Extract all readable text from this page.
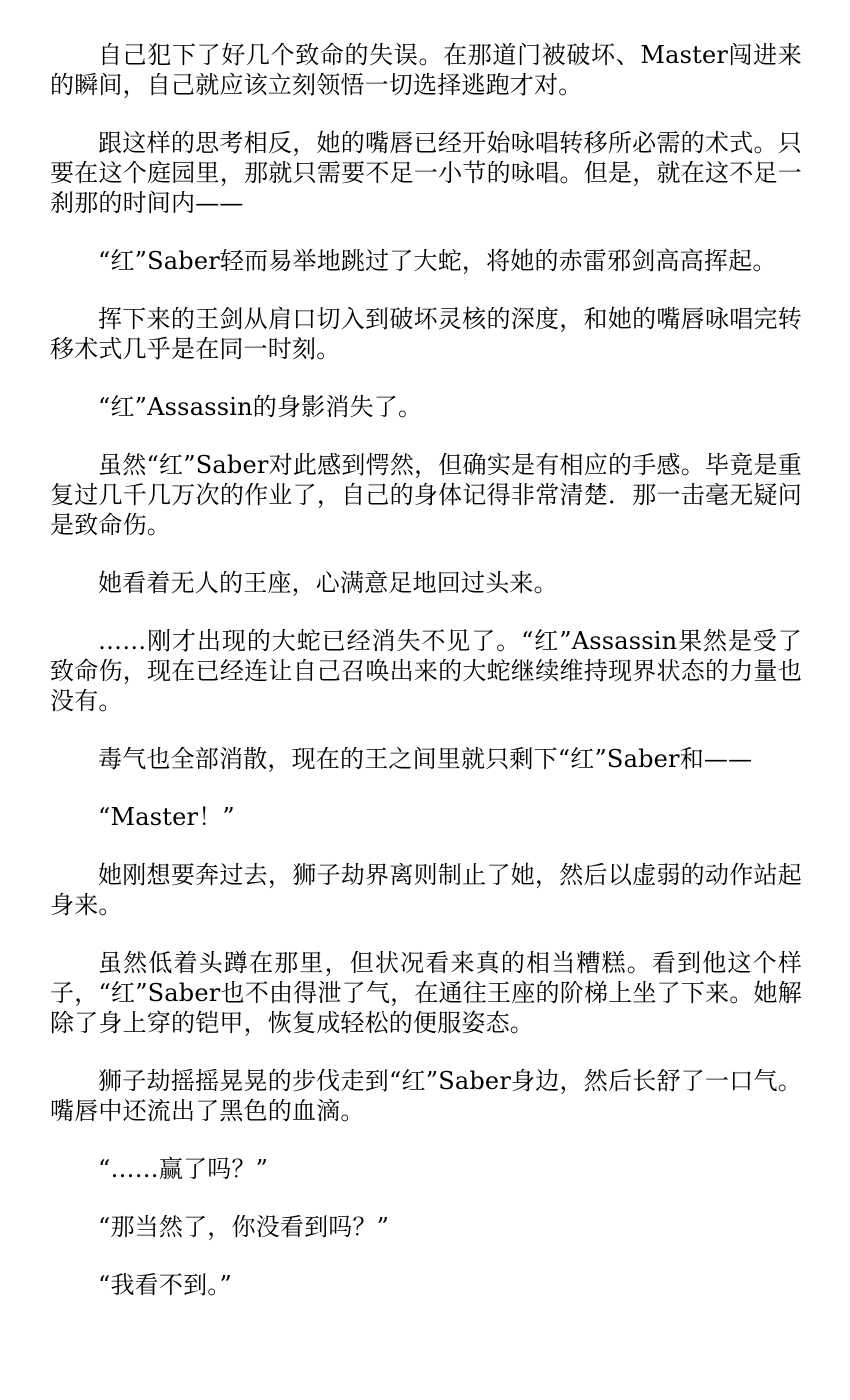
自己犯下了好几个致命的失误。在那道门被破坏、Master闯进来的瞬间，自己就应该立刻领悟一切选择逃跑才对。

跟这样的思考相反，她的嘴唇已经开始咏唱转移所必需的术式。只要在这个庭园里，那就只需要不足一小节的咏唱。但是，就在这不足一刹那的时间内——

“红”Saber轻而易举地跳过了大蛇，将她的赤雷邪剑高高挥起。

挥下来的王剑从肩口切入到破坏灵核的深度，和她的嘴唇咏唱完转移术式几乎是在同一时刻。

“红”Assassin的身影消失了。

虽然“红”Saber对此感到愕然，但确实是有相应的手感。毕竟是重复过几千几万次的作业了，自己的身体记得非常清楚．那一击毫无疑问是致命伤。

她看着无人的王座，心满意足地回过头来。

……刚才出现的大蛇已经消失不见了。“红”Assassin果然是受了致命伤，现在已经连让自己召唤出来的大蛇继续维持现界状态的力量也没有。

毒气也全部消散，现在的王之间里就只剩下“红”Saber和——

“Master！”

她刚想要奔过去，狮子劫界离则制止了她，然后以虚弱的动作站起身来。

虽然低着头蹲在那里，但状况看来真的相当糟糕。看到他这个样子，“红”Saber也不由得泄了气，在通往王座的阶梯上坐了下来。她解除了身上穿的铠甲，恢复成轻松的便服姿态。

狮子劫摇摇晃晃的步伐走到“红”Saber身边，然后长舒了一口气。嘴唇中还流出了黑色的血滴。

“……赢了吗？”

“那当然了，你没看到吗？”

“我看不到。”
